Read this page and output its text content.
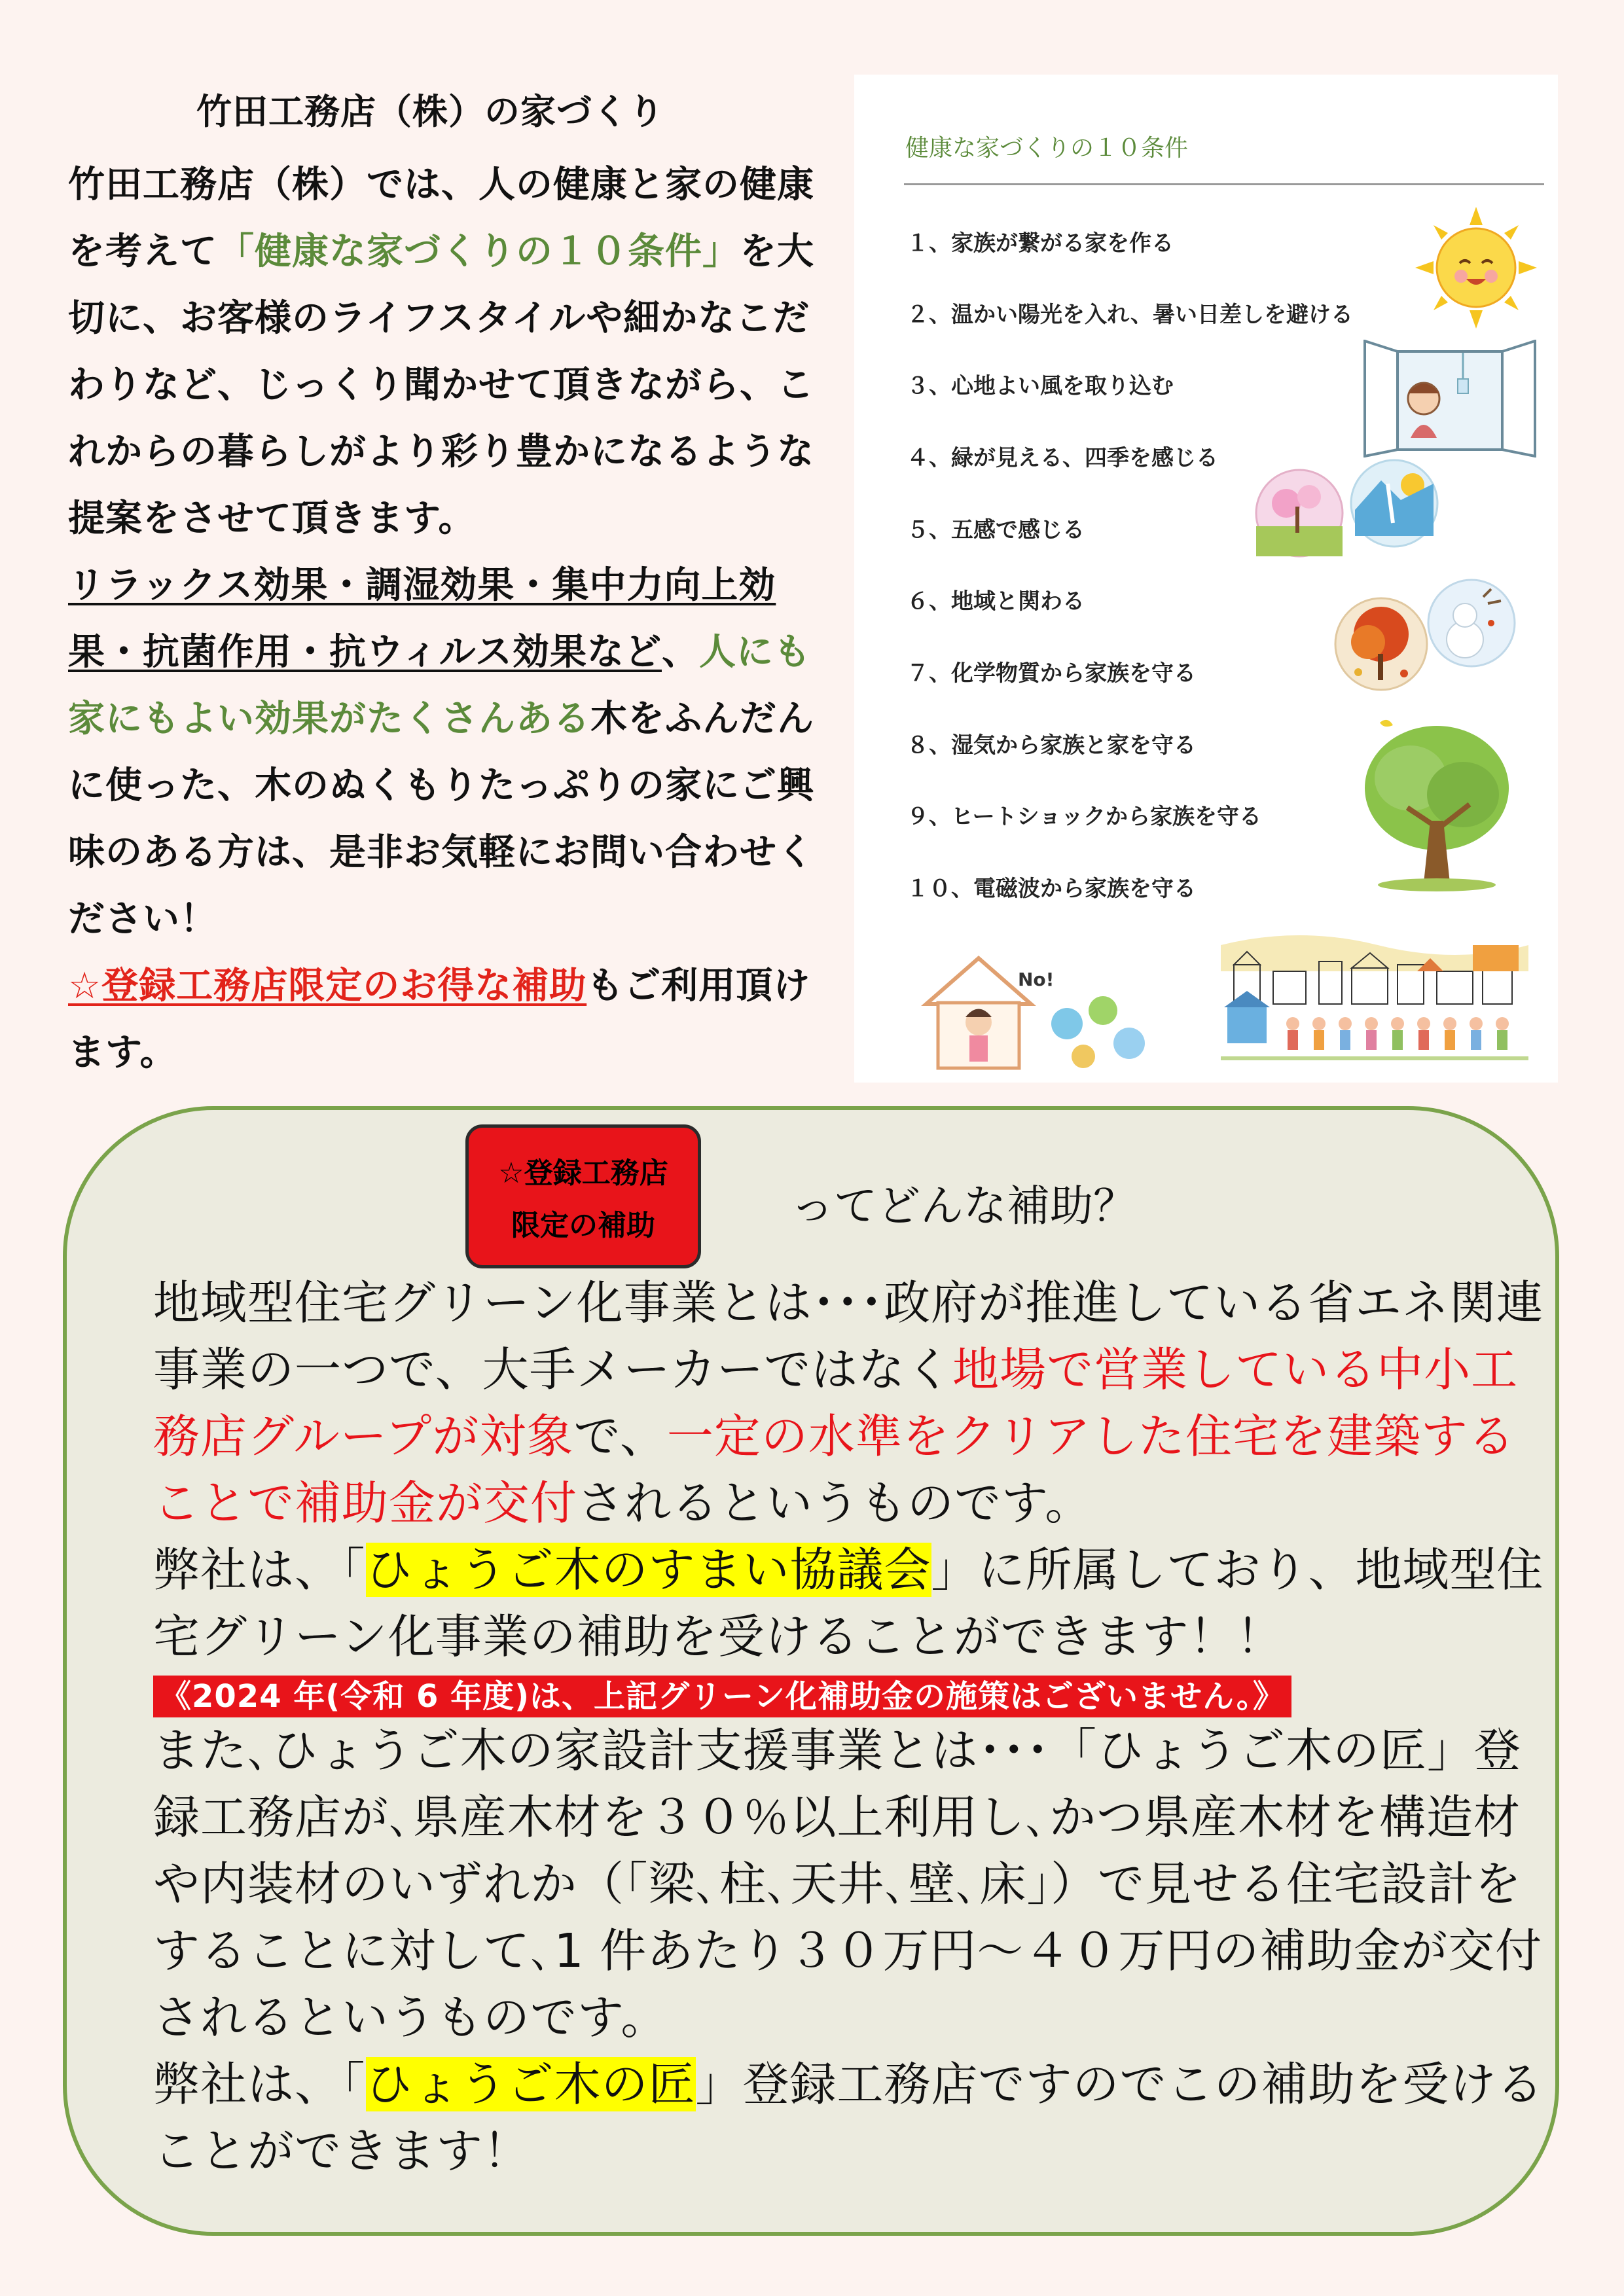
竹田工務店（株）の家づくり
竹田工務店（株）では、人の健康と家の健康を考えて「健康な家づくりの１０条件」を大切に、お客様のライフスタイルや細かなこだわりなど、じっくり聞かせて頂きながら、これからの暮らしがより彩り豊かになるような提案をさせて頂きます。
リラックス効果・調湿効果・集中力向上効果・抗菌作用・抗ウィルス効果など、人にも家にもよい効果がたくさんある木をふんだんに使った、木のぬくもりたっぷりの家にご興味のある方は、是非お気軽にお問い合わせください！
☆登録工務店限定のお得な補助もご利用頂けます。
健康な家づくりの１０条件
１、家族が繋がる家を作る
２、温かい陽光を入れ、暑い日差しを避ける
３、心地よい風を取り込む
４、緑が見える、四季を感じる
５、五感で感じる
６、地域と関わる
７、化学物質から家族を守る
８、湿気から家族と家を守る
９、ヒートショックから家族を守る
１０、電磁波から家族を守る
No!
☆登録工務店
限定の補助	ってどんな補助？
地域型住宅グリーン化事業とは･･･政府が推進している省エネ関連事業の一つで、大手メーカーではなく地場で営業している中小工務店グループが対象で、一定の水準をクリアした住宅を建築することで補助金が交付されるというものです。
弊社は、「ひょうご木のすまい協議会」に所属しており、地域型住宅グリーン化事業の補助を受けることができます！！

《2024 年(令和 6 年度)は、上記グリーン化補助金の施策はございません。》
また､ひょうご木の家設計支援事業とは･･･「ひょうご木の匠」登録工務店が､県産木材を３０％以上利用し､かつ県産木材を構造材や内装材のいずれか（｢梁､柱､天井､壁､床｣）で見せる住宅設計をすることに対して､1 件あたり３０万円～４０万円の補助金が交付されるというものです。
弊社は、「ひょうご木の匠」登録工務店ですのでこの補助を受けることができます！
